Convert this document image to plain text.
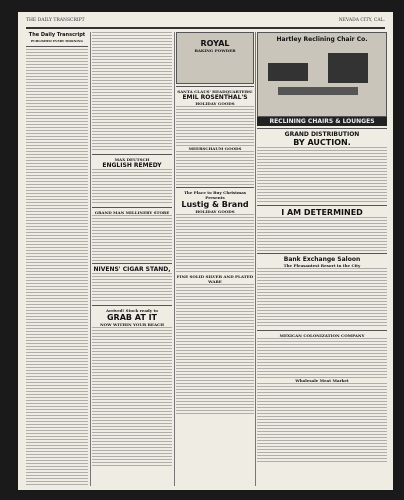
THE DAILY TRANSCRIPT	NEVADA CITY, CAL.
The Daily Transcript
PUBLISHED EVERY MORNING
MAX DEUTSCH
ENGLISH REMEDY
GRAND MAN MILLINERY STORE
NIVENS' CIGAR STAND,
Arrived! Stock ready to
GRAB AT IT
NOW WITHIN YOUR REACH
ROYAL
BAKING POWDER
SANTA CLAUS' HEADQUARTERS!
EMIL ROSENTHAL'S
HOLIDAY GOODS
MEERSCHAUM GOODS
The Place to Buy Christmas Presents
Lustig & Brand
HOLIDAY GOODS
FINE SOLID SILVER AND PLATED WARE
Hartley Reclining Chair Co.
RECLINING CHAIRS & LOUNGES
GRAND DISTRIBUTION
BY AUCTION.
I AM DETERMINED
Bank Exchange Saloon
The Pleasantest Resort in the City
MEXICAN COLONIZATION COMPANY
Wholesale Meat Market
